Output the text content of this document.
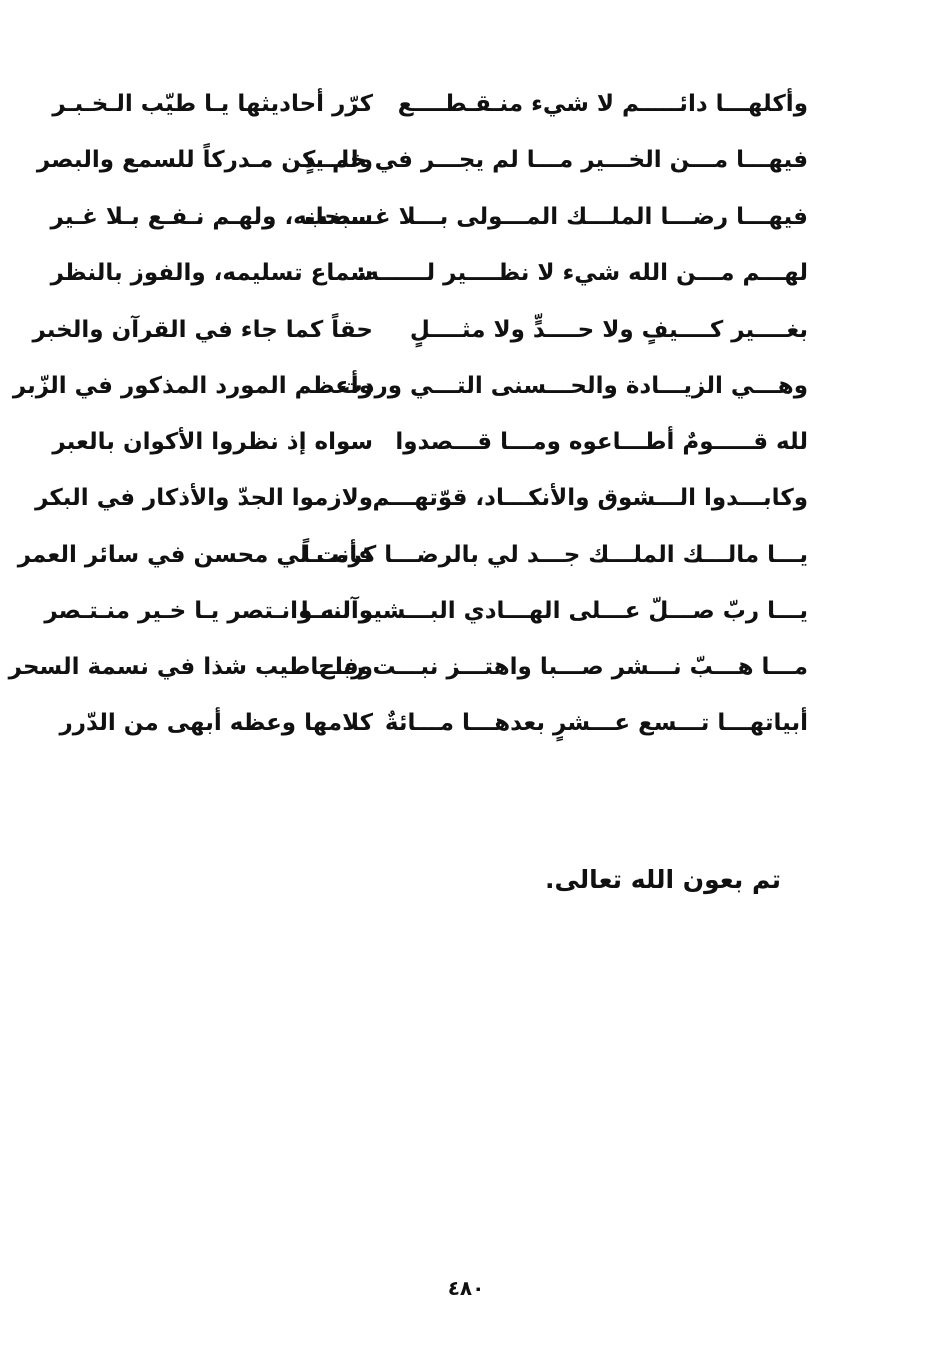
وأكلهـــا دائـــــم لا شيء منـقـطــــع
كرّر أحاديثها يـا طيّب الـخـبـر
فيهـــا مـــن الخـــير مـــا لم يجـــر في خلـــدٍ
ولم يكن مـدركاً للسمع والبصر
فيهـــا رضـــا الملـــك المـــولى بـــلا غـــضب
سبحانه، ولهـم نـفـع بـلا غـير
لهـــم مـــن الله شيء لا نظــــير لــــــه:
سماع تسليمه، والفوز بالنظر
بغــــير كــــيفٍ ولا حــــدٍّ ولا مثــــلٍ
حقاً كما جاء في القرآن والخبر
وهـــي الزيـــادة والحـــسنى التـــي وردت
وأعظم المورد المذكور في الزّبر
لله قـــــومٌ أطـــاعوه ومـــا قـــصدوا
سواه إذ نظروا الأكوان بالعبر
وكابـــدوا الـــشوق والأنكـــاد، قوّتهـــم
ولازموا الجدّ والأذكار في البكر
يـــا مالـــك الملـــك جـــد لي بالرضـــا كرمـــاً
فأنت لي محسن في سائر العمر
يـــا ربّ صـــلّ عـــلى الهـــادي البـــشير لنـــا
وآلـه وانـتصر يـا خـير منـتـصر
مـــا هـــبّ نـــشر صـــبا واهتـــز نبـــت ربـــا
وفاح طيب شذا في نسمة السحر
أبياتهـــا تـــسع عـــشرٍ بعدهـــا مـــائةٌ
كلامها وعظه أبهى من الدّرر
تم بعون الله تعالى.
٤٨٠
